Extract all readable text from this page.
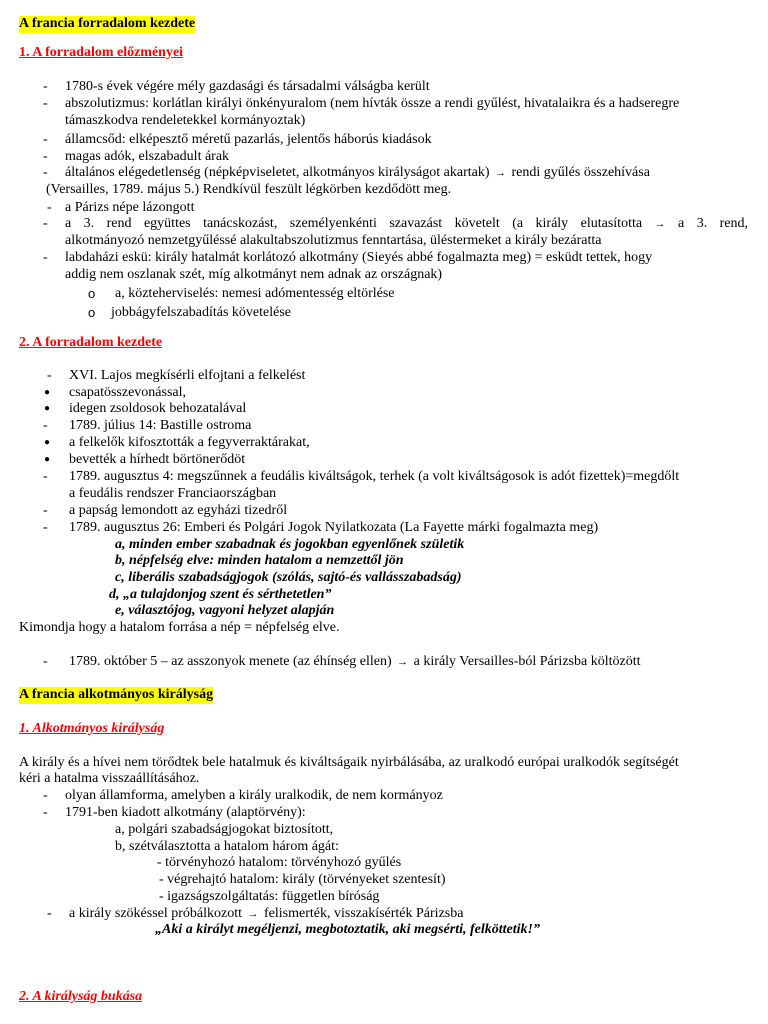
A francia forradalom kezdete
1. A forradalom előzményei
- 1780-s évek végére mély gazdasági és társadalmi válságba került
- abszolutizmus: korlátlan királyi önkényuralom (nem hívták össze a rendi gyűlést, hivatalaikra és a hadseregre
támaszkodva rendeletekkel kormányoztak)
- államcsőd: elképesztő méretű pazarlás, jelentős háborús kiadások
- magas adók, elszabadult árak
- általános elégedetlenség (népképviseletet, alkotmányos királyságot akartak) → rendi gyűlés összehívása
(Versailles, 1789. május 5.) Rendkívül feszült légkörben kezdődött meg.
- a Párizs népe lázongott
- a 3. rend együttes tanácskozást, személyenkénti szavazást követelt (a király elutasította → a 3. rend,
alkotmányozó nemzetgyűléssé alakultabszolutizmus fenntartása, üléstermeket a király bezáratta
- labdaházi eskü: király hatalmát korlátozó alkotmány (Sieyés abbé fogalmazta meg) = esküdt tettek, hogy
addig nem oszlanak szét, míg alkotmányt nem adnak az országnak)
o a, közteherviselés: nemesi adómentesség eltörlése
o jobbágyfelszabadítás követelése
2. A forradalom kezdete
- XVI. Lajos megkísérli elfojtani a felkelést
● csapatösszevonással,
● idegen zsoldosok behozatalával
- 1789. július 14: Bastille ostroma
● a felkelők kifosztották a fegyverraktárakat,
● bevették a hírhedt börtönerődöt
- 1789. augusztus 4: megszűnnek a feudális kiváltságok, terhek (a volt kiváltságosok is adót fizettek)=megdőlt
a feudális rendszer Franciaországban
- a papság lemondott az egyházi tizedről
- 1789. augusztus 26: Emberi és Polgári Jogok Nyilatkozata (La Fayette márki fogalmazta meg)
a, minden ember szabadnak és jogokban egyenlőnek születik
b, népfelség elve: minden hatalom a nemzettől jön
c, liberális szabadságjogok (szólás, sajtó-és vallásszabadság)
d, „a tulajdonjog szent és sérthetetlen”
e, választójog, vagyoni helyzet alapján
Kimondja hogy a hatalom forrása a nép = népfelség elve.
- 1789. október 5 – az asszonyok menete (az éhínség ellen) → a király Versailles-ból Párizsba költözött
A francia alkotmányos királyság
1. Alkotmányos királyság
A király és a hívei nem törődtek bele hatalmuk és kiváltságaik nyirbálásába, az uralkodó európai uralkodók segítségét
kéri a hatalma visszaállításához.
- olyan államforma, amelyben a király uralkodik, de nem kormányoz
- 1791-ben kiadott alkotmány (alaptörvény):
a, polgári szabadságjogokat biztosított,
b, szétválasztotta a hatalom három ágát:
- törvényhozó hatalom: törvényhozó gyűlés
- végrehajtó hatalom: király (törvényeket szentesít)
- igazságszolgáltatás: független bíróság
- a király szökéssel próbálkozott → felismerték, visszakísérték Párizsba
„Aki a királyt megéljenzi, megbotoztatik, aki megsérti, felköttetik!”
2. A királyság bukása
